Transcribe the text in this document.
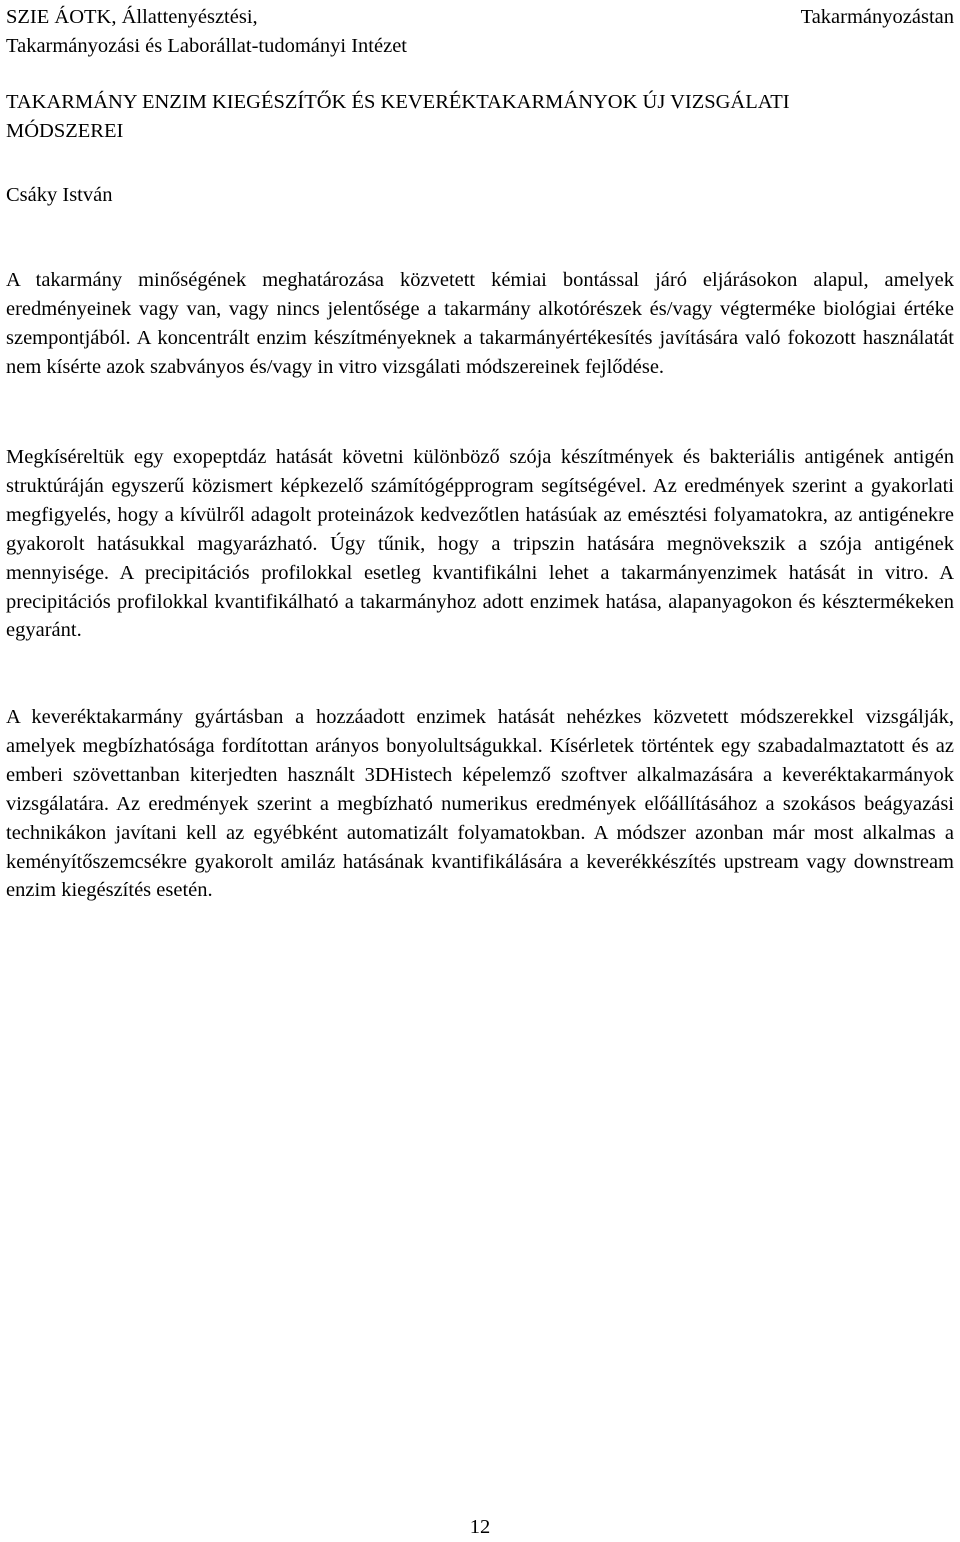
SZIE ÁOTK, Állattenyésztési,
Takarmányozási és Laborállat-tudományi Intézet
Takarmányozástan
TAKARMÁNY ENZIM KIEGÉSZÍTŐK ÉS KEVERÉKTAKARMÁNYOK ÚJ VIZSGÁLATI MÓDSZEREI
Csáky István

A takarmány minőségének meghatározása közvetett kémiai bontással járó eljárásokon alapul, amelyek eredményeinek vagy van, vagy nincs jelentősége a takarmány alkotórészek és/vagy végterméke biológiai értéke szempontjából. A koncentrált enzim készítményeknek a takarmányértékesítés javítására való fokozott használatát nem kísérte azok szabványos és/vagy in vitro vizsgálati módszereinek fejlődése.

Megkíséreltük egy exopeptdáz hatását követni különböző szója készítmények és bakteriális antigének antigén struktúráján egyszerű közismert képkezelő számítógépprogram segítségével. Az eredmények szerint a gyakorlati megfigyelés, hogy a kívülről adagolt proteinázok kedvezőtlen hatásúak az emésztési folyamatokra, az antigénekre gyakorolt hatásukkal magyarázható. Úgy tűnik, hogy a tripszin hatására megnövekszik a szója antigének mennyisége. A precipitációs profilokkal esetleg kvantifikálni lehet a takarmányenzimek hatását in vitro. A precipitációs profilokkal kvantifikálható a takarmányhoz adott enzimek hatása, alapanyagokon és késztermékeken egyaránt.

A keveréktakarmány gyártásban a hozzáadott enzimek hatását nehézkes közvetett módszerekkel vizsgálják, amelyek megbízhatósága fordítottan arányos bonyolultságukkal. Kísérletek történtek egy szabadalmaztatott és az emberi szövettanban kiterjedten használt 3DHistech képelemző szoftver alkalmazására a keveréktakarmányok vizsgálatára. Az eredmények szerint a megbízható numerikus eredmények előállításához a szokásos beágyazási technikákon javítani kell az egyébként automatizált folyamatokban. A módszer azonban már most alkalmas a keményítőszemcsékre gyakorolt amiláz hatásának kvantifikálására a keverékkészítés upstream vagy downstream enzim kiegészítés esetén.

12
